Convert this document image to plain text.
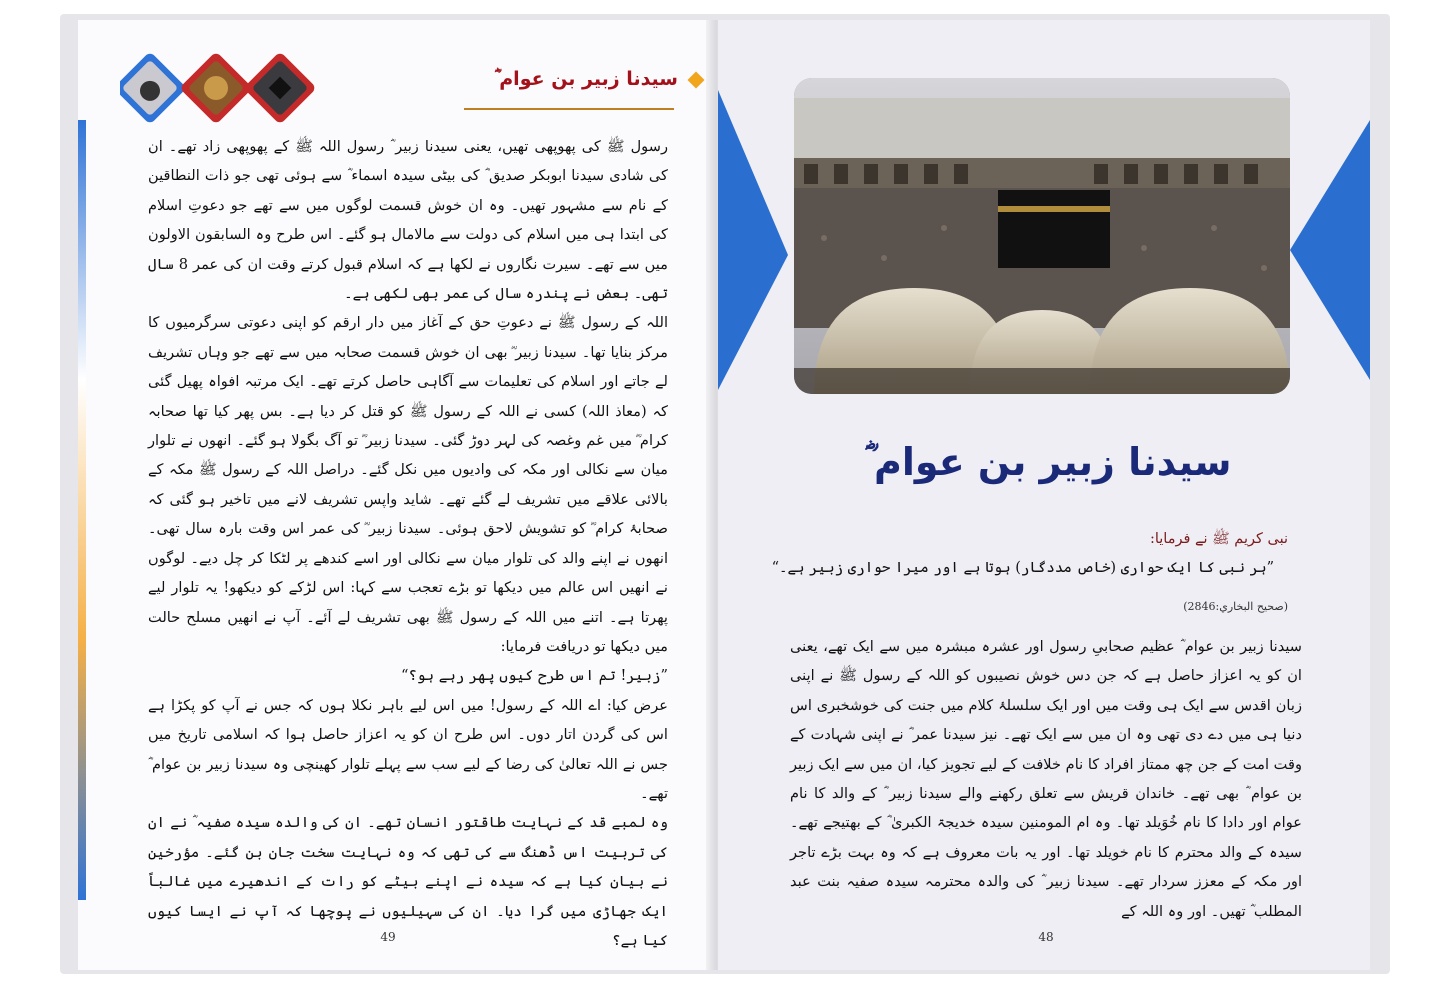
سیدنا زبیر بن عوام ؓ

رسول ﷺ کی پھوپھی تھیں، یعنی سیدنا زبیر ؓ رسول اللہ ﷺ کے پھوپھی زاد تھے۔ ان کی شادی سیدنا ابوبکر صدیق ؓ کی بیٹی سیدہ اسماء ؓ سے ہوئی تھی جو ذات النطاقین کے نام سے مشہور تھیں۔ وہ ان خوش قسمت لوگوں میں سے تھے جو دعوتِ اسلام کی ابتدا ہی میں اسلام کی دولت سے مالامال ہو گئے۔ اس طرح وہ السابقون الاولون میں سے تھے۔ سیرت نگاروں نے لکھا ہے کہ اسلام قبول کرتے وقت ان کی عمر 8 سال تھی۔ بعض نے پندرہ سال کی عمر بھی لکھی ہے۔

اللہ کے رسول ﷺ نے دعوتِ حق کے آغاز میں دار ارقم کو اپنی دعوتی سرگرمیوں کا مرکز بنایا تھا۔ سیدنا زبیر ؓ بھی ان خوش قسمت صحابہ میں سے تھے جو وہاں تشریف لے جاتے اور اسلام کی تعلیمات سے آگاہی حاصل کرتے تھے۔ ایک مرتبہ افواہ پھیل گئی کہ (معاذ اللہ) کسی نے اللہ کے رسول ﷺ کو قتل کر دیا ہے۔ بس پھر کیا تھا صحابہ کرام ؓ میں غم وغصہ کی لہر دوڑ گئی۔ سیدنا زبیر ؓ تو آگ بگولا ہو گئے۔ انھوں نے تلوار میان سے نکالی اور مکہ کی وادیوں میں نکل گئے۔ دراصل اللہ کے رسول ﷺ مکہ کے بالائی علاقے میں تشریف لے گئے تھے۔ شاید واپس تشریف لانے میں تاخیر ہو گئی کہ صحابۂ کرام ؓ کو تشویش لاحق ہوئی۔ سیدنا زبیر ؓ کی عمر اس وقت بارہ سال تھی۔ انھوں نے اپنے والد کی تلوار میان سے نکالی اور اسے کندھے پر لٹکا کر چل دیے۔ لوگوں نے انھیں اس عالم میں دیکھا تو بڑے تعجب سے کہا: اس لڑکے کو دیکھو! یہ تلوار لیے پھرتا ہے۔ اتنے میں اللہ کے رسول ﷺ بھی تشریف لے آئے۔ آپ نے انھیں مسلح حالت میں دیکھا تو دریافت فرمایا:

”زبیر! تم اس طرح کیوں پھر رہے ہو؟“

عرض کیا: اے اللہ کے رسول! میں اس لیے باہر نکلا ہوں کہ جس نے آپ کو پکڑا ہے اس کی گردن اتار دوں۔ اس طرح ان کو یہ اعزاز حاصل ہوا کہ اسلامی تاریخ میں جس نے اللہ تعالیٰ کی رضا کے لیے سب سے پہلے تلوار کھینچی وہ سیدنا زبیر بن عوام ؓ تھے۔

وہ لمبے قد کے نہایت طاقتور انسان تھے۔ ان کی والدہ سیدہ صفیہ ؓ نے ان کی تربیت اس ڈھنگ سے کی تھی کہ وہ نہایت سخت جان بن گئے۔ مؤرخین نے بیان کیا ہے کہ سیدہ نے اپنے بیٹے کو رات کے اندھیرے میں غالباً ایک جھاڑی میں گرا دیا۔ ان کی سہیلیوں نے پوچھا کہ آپ نے ایسا کیوں کیا ہے؟

49
سیدنا زبیر بن عوام ؓ
نبی کریم ﷺ نے فرمایا:
”ہر نبی کا ایک حواری (خاص مددگار) ہوتا ہے اور میرا حواری زبیر ہے۔“
(صحیح البخاري:2846)

سیدنا زبیر بن عوام ؓ عظیم صحابیِ رسول اور عشرہ مبشرہ میں سے ایک تھے، یعنی ان کو یہ اعزاز حاصل ہے کہ جن دس خوش نصیبوں کو اللہ کے رسول ﷺ نے اپنی زبان اقدس سے ایک ہی وقت میں اور ایک سلسلۂ کلام میں جنت کی خوشخبری اس دنیا ہی میں دے دی تھی وہ ان میں سے ایک تھے۔ نیز سیدنا عمر ؓ نے اپنی شہادت کے وقت امت کے جن چھ ممتاز افراد کا نام خلافت کے لیے تجویز کیا، ان میں سے ایک زبیر بن عوام ؓ بھی تھے۔ خاندان قریش سے تعلق رکھنے والے سیدنا زبیر ؓ کے والد کا نام عوام اور دادا کا نام خُوَیلد تھا۔ وہ ام المومنین سیدہ خدیجۃ الکبریٰ ؓ کے بھتیجے تھے۔ سیدہ کے والد محترم کا نام خویلد تھا۔ اور یہ بات معروف ہے کہ وہ بہت بڑے تاجر اور مکہ کے معزز سردار تھے۔ سیدنا زبیر ؓ کی والدہ محترمہ سیدہ صفیہ بنت عبد المطلب ؓ تھیں۔ اور وہ اللہ کے

48
